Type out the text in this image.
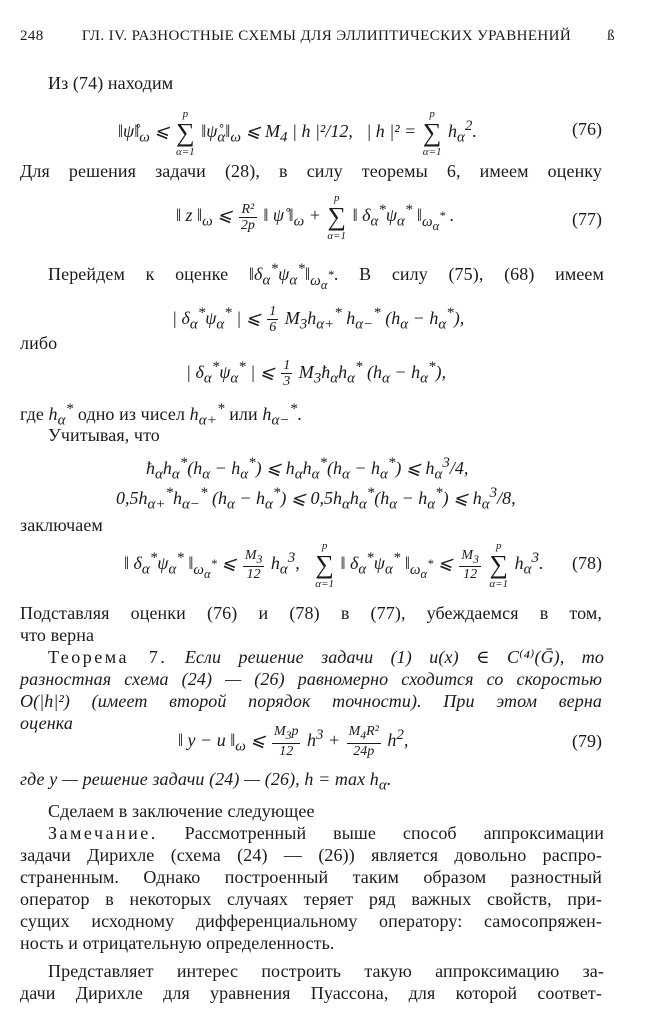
248	ГЛ. IV. РАЗНОСТНЫЕ СХЕМЫ ДЛЯ ЭЛЛИПТИЧЕСКИХ УРАВНЕНИЙ	ß
Из (74) находим
$‖\psi̊‖_\omega$ ⩽
p
∑
α=1
$‖\psi̊_\alpha‖_\omega$ ⩽ $M_4$ | h |²/12,   | h |² =
p
∑
α=1
$h_\alpha^2$.	(76)
Для решения задачи (28), в силу теоремы 6, имеем оценку
‖ z $‖_\omega$ ⩽ $\frac{\text{R²}}{2p}$ ‖ ψ̊ $‖_\omega$ +
p
∑
α=1
‖ $\delta_\alpha^*\psi_\alpha^*$ $‖_{\omega_\alpha^*}$ .	(77)
Перейдем к оценке $‖\delta_\alpha^*\psi_\alpha^*‖_{\omega_\alpha^*}$. В силу (75), (68) имеем
| $\delta_\alpha^*\psi_\alpha^*$ | ⩽ $\frac{1}{6} M_3h_{\alpha+}^*$ $h_{\alpha-}^*$ $(h_\alpha - h_\alpha^*)$,
либо
| $\delta_\alpha^*\psi_\alpha^*$ | ⩽ $\frac{1}{3}$ $M_3ħ_\alpha h_\alpha^*$ $(h_\alpha - h_\alpha^*)$,
где $h_\alpha^*$ одно из чисел $h_{\alpha+}^*$ или $h_{\alpha-}^*$.
Учитывая, что
$ħ_\alpha h_\alpha^*(h_\alpha - h_\alpha^*)$ ⩽ $h_\alpha h_\alpha^*(h_\alpha - h_\alpha^*)$ ⩽ $h_\alpha^3/4$,
$0,5h_{\alpha+}^*h_{\alpha-}^*$ $(h_\alpha - h_\alpha^*)$ ⩽ $0,5h_\alpha h_\alpha^*(h_\alpha - h_\alpha^*)$ ⩽ $h_\alpha^3/8$,
заключаем
‖ $\delta_\alpha^*\psi_\alpha^*$ $‖_{\omega_\alpha^*}$ ⩽ $\frac{M_3}{12} h_\alpha^3$,
p
∑
α=1
‖ $\delta_\alpha^*\psi_\alpha^*$ $‖_{\omega_\alpha^*}$ ⩽ $\frac{M_3}{12}$

p
∑
α=1
$h_\alpha^3$.	(78)
Подставляя оценки (76) и (78) в (77), убеждаемся в том,
что верна
Теорема 7. Если решение задачи (1) u(x) ∈ C⁽⁴⁾(Ḡ), то
разностная схема (24) — (26) равномерно сходится со скоростью
O(|h|²) (имеет второй порядок точности). При этом верна
оценка
‖ y − u $‖_\omega$ ⩽ $\frac{M_3p}{12} h^3 + \frac{M_4R^2}{24p} h^2$,	(79)
где y — решение задачи (24) — (26), $h = \max h_\alpha$.
Сделаем в заключение следующее
Замечание. Рассмотренный выше способ аппроксимации
задачи Дирихле (схема (24) — (26)) является довольно распро-
страненным. Однако построенный таким образом разностный
оператор в некоторых случаях теряет ряд важных свойств, при-
сущих исходному дифференциальному оператору: самосопряжен-
ность и отрицательную определенность.
Представляет интерес построить такую аппроксимацию за-
дачи Дирихле для уравнения Пуассона, для которой соответ-
